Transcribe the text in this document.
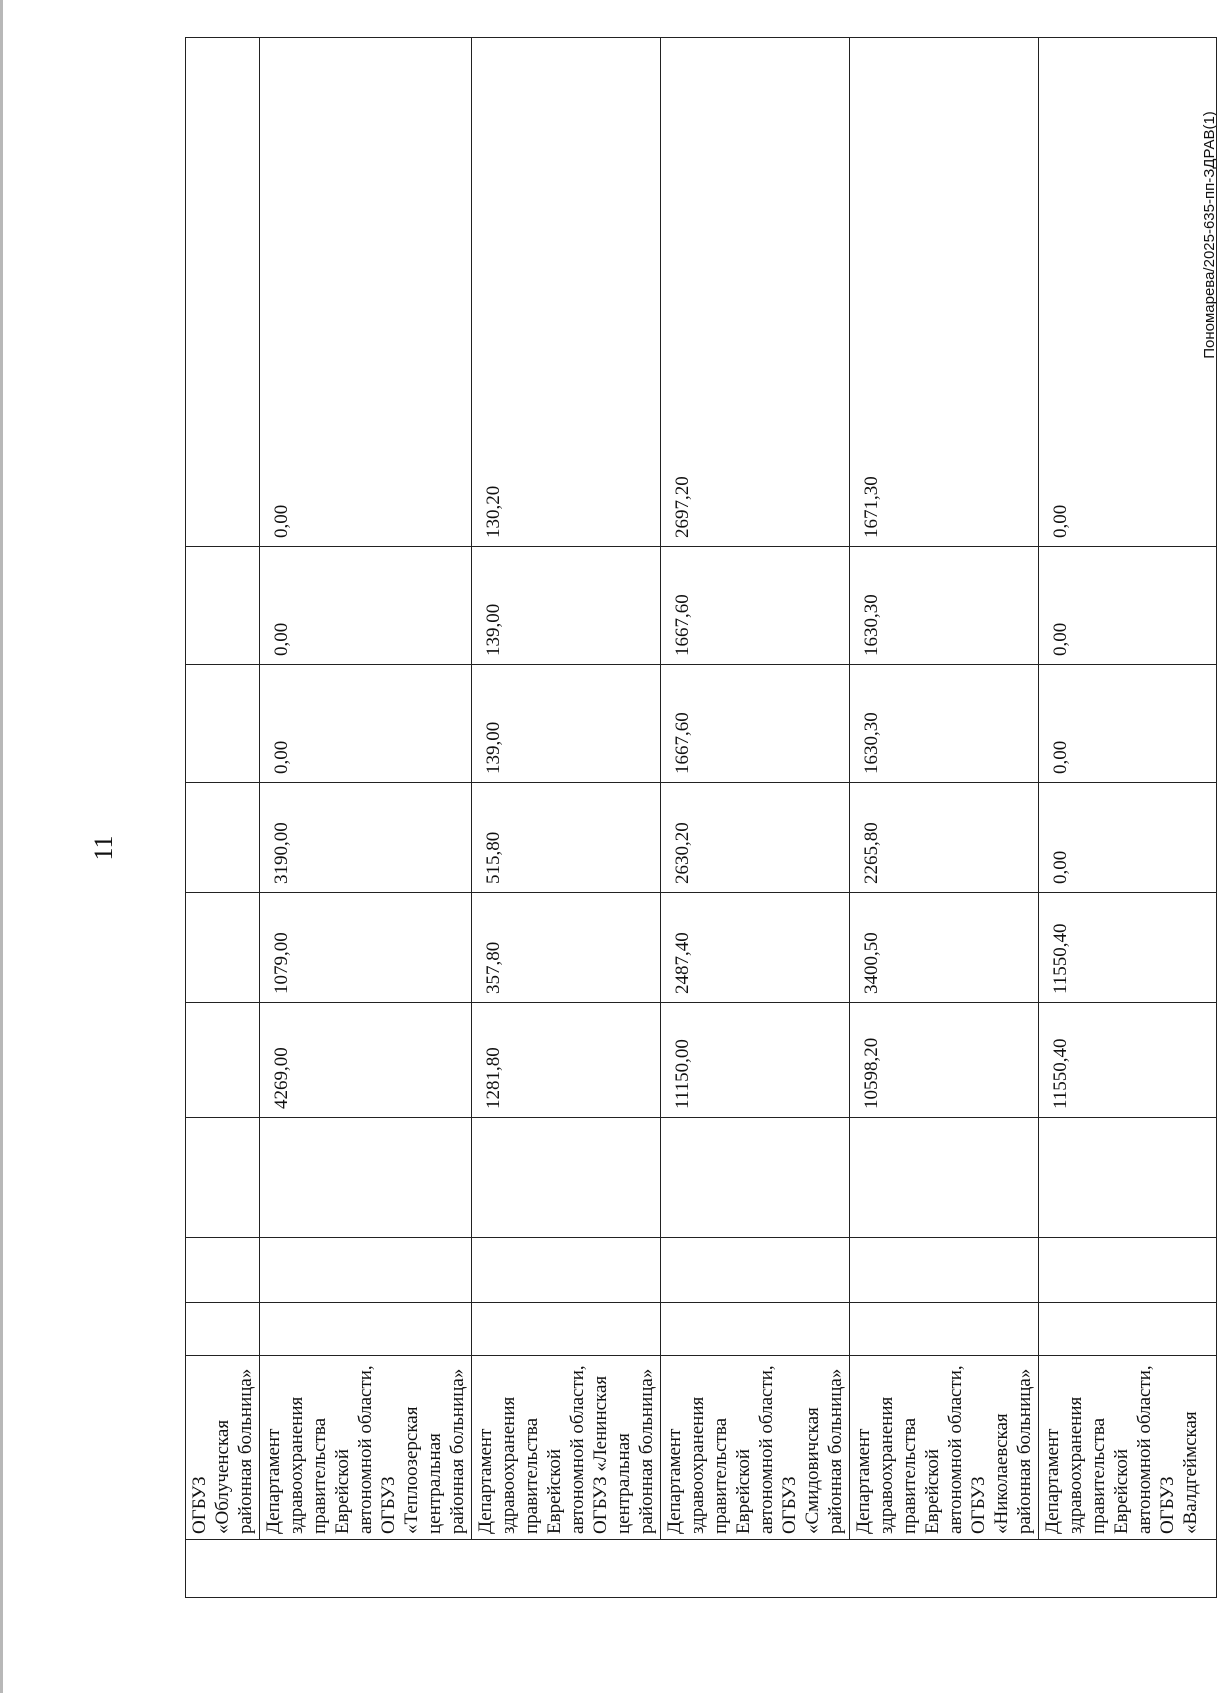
11
Пономарева/2025-635-пп-ЗДРАВ(1)
	ОГБУЗ «Облученская районная больница»									
	Департамент здравоохранения правительства Еврейской автономной области, ОГБУЗ «Теплоозерская центральная районная больница»				4269,00	1079,00	3190,00	0,00	0,00	0,00
	Департамент здравоохранения правительства Еврейской автономной области, ОГБУЗ «Ленинская центральная районная больница»				1281,80	357,80	515,80	139,00	139,00	130,20
	Департамент здравоохранения правительства Еврейской автономной области, ОГБУЗ «Смидовичская районная больница»				11150,00	2487,40	2630,20	1667,60	1667,60	2697,20
	Департамент здравоохранения правительства Еврейской автономной области, ОГБУЗ «Николаевская районная больница»				10598,20	3400,50	2265,80	1630,30	1630,30	1671,30
	Департамент здравоохранения правительства Еврейской автономной области, ОГБУЗ «Валдгеймская				11550,40	11550,40	0,00	0,00	0,00	0,00
